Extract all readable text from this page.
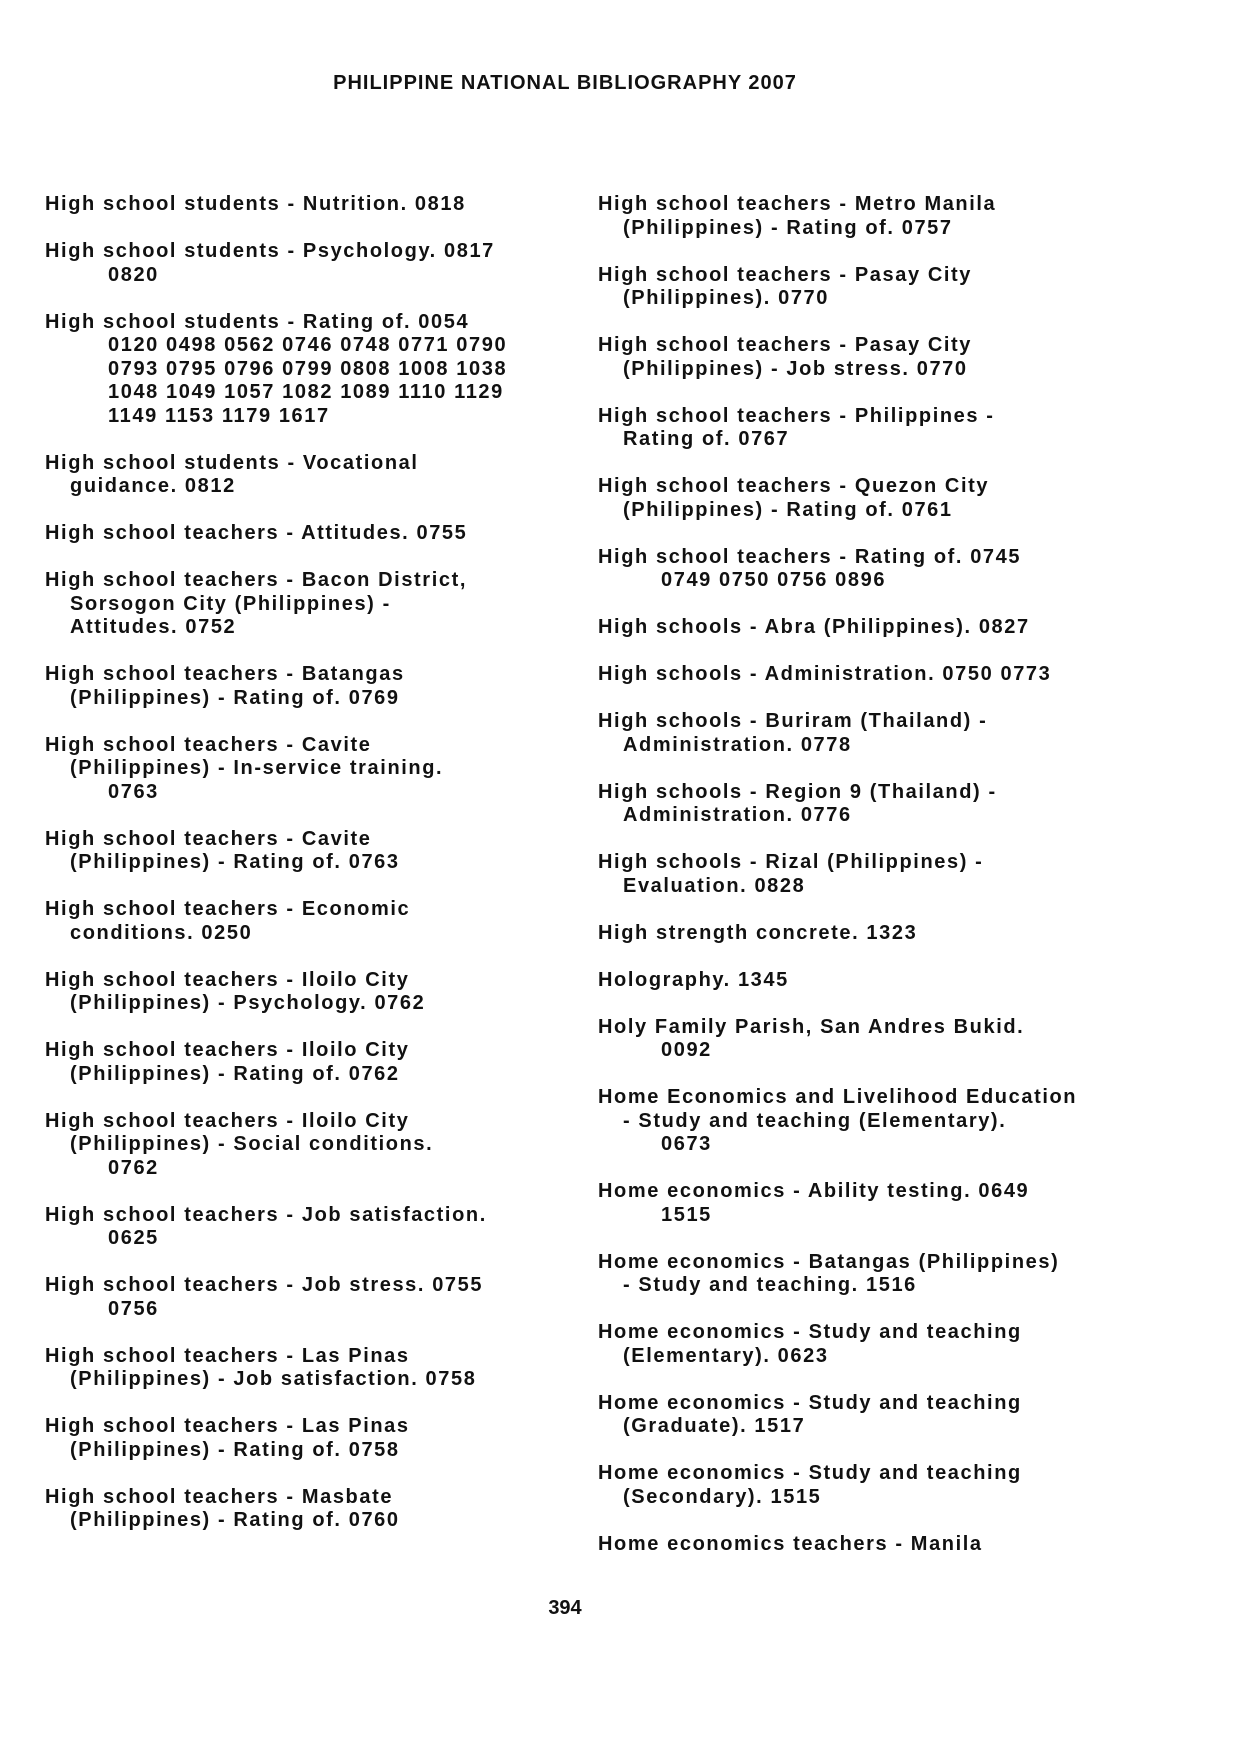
PHILIPPINE NATIONAL BIBLIOGRAPHY 2007
High school students - Nutrition. 0818
High school students - Psychology. 0817
0820
High school students - Rating of. 0054
0120 0498 0562 0746 0748 0771 0790
0793 0795 0796 0799 0808 1008 1038
1048 1049 1057 1082 1089 1110 1129
1149 1153 1179 1617
High school students - Vocational
guidance. 0812
High school teachers - Attitudes. 0755
High school teachers - Bacon District,
Sorsogon City (Philippines) -
Attitudes. 0752
High school teachers - Batangas
(Philippines) - Rating of. 0769
High school teachers - Cavite
(Philippines) - In-service training.
0763
High school teachers - Cavite
(Philippines) - Rating of. 0763
High school teachers - Economic
conditions. 0250
High school teachers - Iloilo City
(Philippines) - Psychology. 0762
High school teachers - Iloilo City
(Philippines) - Rating of. 0762
High school teachers - Iloilo City
(Philippines) - Social conditions.
0762
High school teachers - Job satisfaction.
0625
High school teachers - Job stress. 0755
0756
High school teachers - Las Pinas
(Philippines) - Job satisfaction. 0758
High school teachers - Las Pinas
(Philippines) - Rating of. 0758
High school teachers - Masbate
(Philippines) - Rating of. 0760
High school teachers - Metro Manila
(Philippines) - Rating of. 0757
High school teachers - Pasay City
(Philippines). 0770
High school teachers - Pasay City
(Philippines) - Job stress. 0770
High school teachers - Philippines -
Rating of. 0767
High school teachers - Quezon City
(Philippines) - Rating of. 0761
High school teachers - Rating of. 0745
0749 0750 0756 0896
High schools - Abra (Philippines). 0827
High schools - Administration. 0750 0773
High schools - Buriram (Thailand) -
Administration. 0778
High schools - Region 9 (Thailand) -
Administration. 0776
High schools - Rizal (Philippines) -
Evaluation. 0828
High strength concrete. 1323
Holography. 1345
Holy Family Parish, San Andres Bukid.
0092
Home Economics and Livelihood Education
- Study and teaching (Elementary).
0673
Home economics - Ability testing. 0649
1515
Home economics - Batangas (Philippines)
- Study and teaching. 1516
Home economics - Study and teaching
(Elementary). 0623
Home economics - Study and teaching
(Graduate). 1517
Home economics - Study and teaching
(Secondary). 1515
Home economics teachers - Manila
394
